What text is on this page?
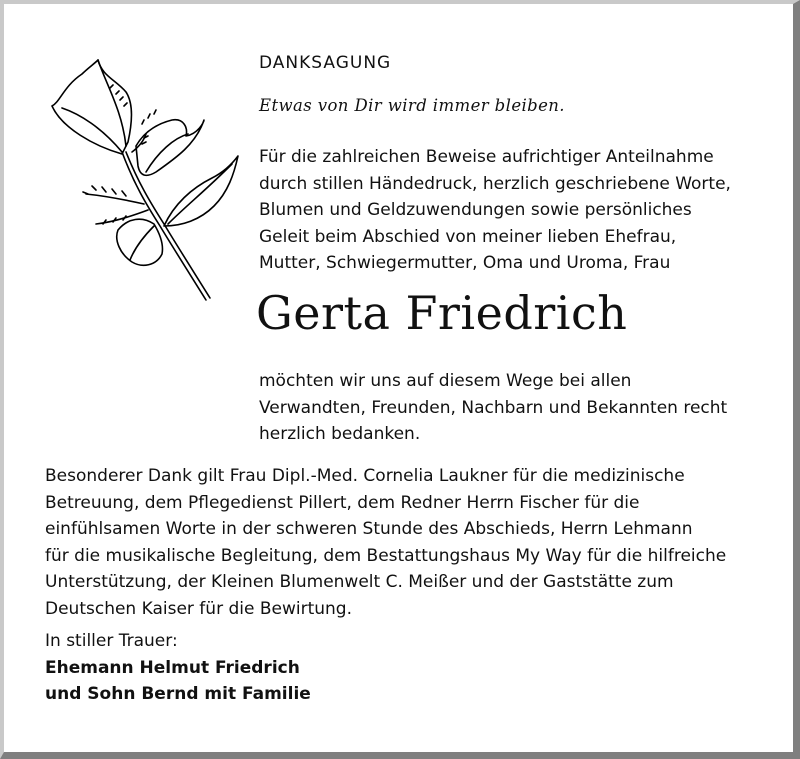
DANKSAGUNG
Etwas von Dir wird immer bleiben.
Für die zahlreichen Beweise aufrichtiger Anteilnahme
durch stillen Händedruck, herzlich geschriebene Worte,
Blumen und Geldzuwendungen sowie persönliches
Geleit beim Abschied von meiner lieben Ehefrau,
Mutter, Schwiegermutter, Oma und Uroma, Frau
Gerta Friedrich
möchten wir uns auf diesem Wege bei allen
Verwandten, Freunden, Nachbarn und Bekannten recht
herzlich bedanken.
Besonderer Dank gilt Frau Dipl.-Med. Cornelia Laukner für die medizinische
Betreuung, dem Pflegedienst Pillert, dem Redner Herrn Fischer für die
einfühlsamen Worte in der schweren Stunde des Abschieds, Herrn Lehmann
für die musikalische Begleitung, dem Bestattungshaus My Way für die hilfreiche
Unterstützung, der Kleinen Blumenwelt C. Meißer und der Gaststätte zum
Deutschen Kaiser für die Bewirtung.
In stiller Trauer:
Ehemann Helmut Friedrich
und Sohn Bernd mit Familie
